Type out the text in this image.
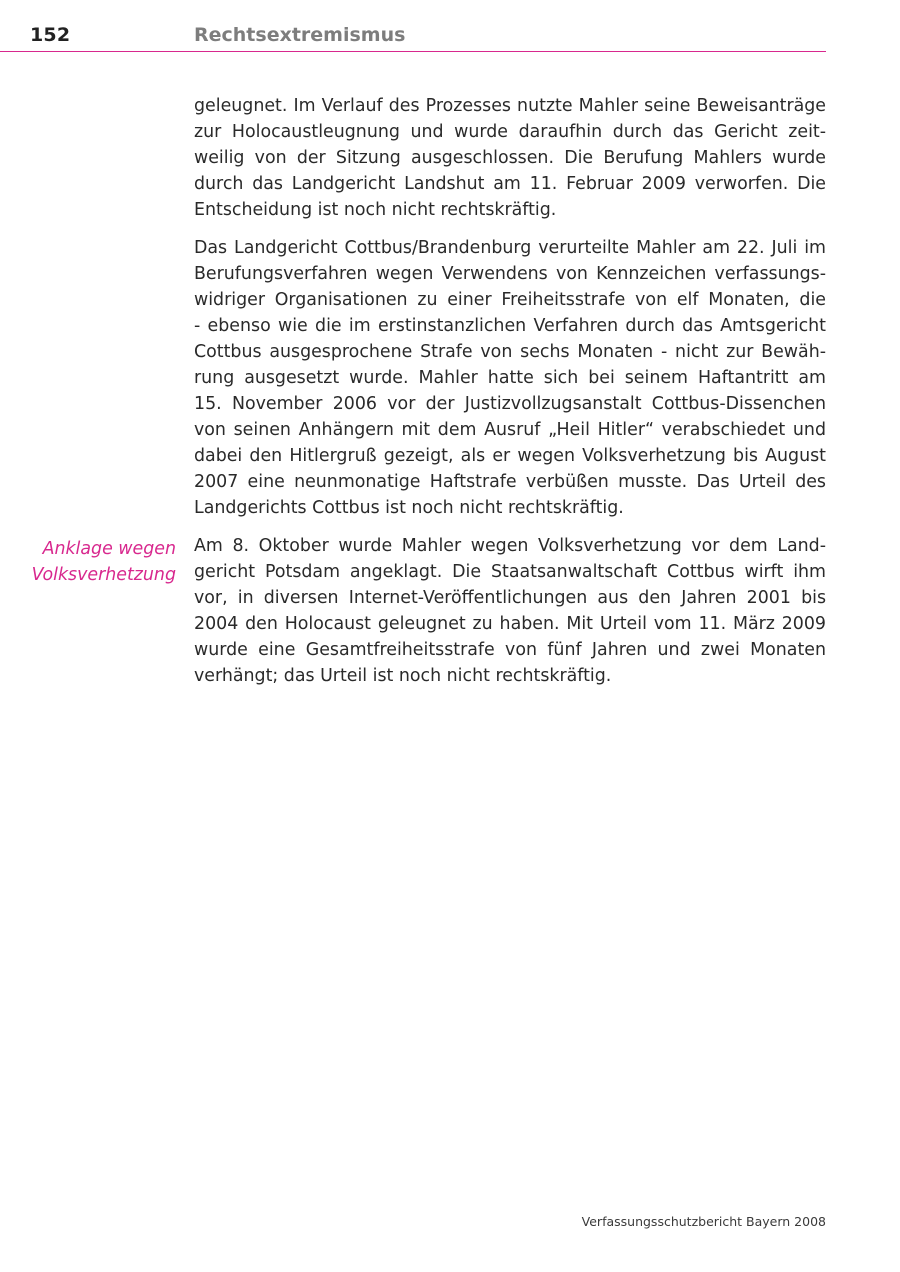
152	Rechtsextremismus
Anklage wegen
Volksverhetzung
geleugnet. Im Verlauf des Prozesses nutzte Mahler seine Beweisanträge
zur Holocaustleugnung und wurde daraufhin durch das Gericht zeit-
weilig von der Sitzung ausgeschlossen. Die Berufung Mahlers wurde
durch das Landgericht Landshut am 11. Februar 2009 verworfen. Die
Entscheidung ist noch nicht rechtskräftig.
Das Landgericht Cottbus/Brandenburg verurteilte Mahler am 22. Juli im
Berufungsverfahren wegen Verwendens von Kennzeichen verfassungs-
widriger Organisationen zu einer Freiheitsstrafe von elf Monaten, die
- ebenso wie die im erstinstanzlichen Verfahren durch das Amtsgericht
Cottbus ausgesprochene Strafe von sechs Monaten - nicht zur Bewäh-
rung ausgesetzt wurde. Mahler hatte sich bei seinem Haftantritt am
15. November 2006 vor der Justizvollzugsanstalt Cottbus-Dissenchen
von seinen Anhängern mit dem Ausruf „Heil Hitler“ verabschiedet und
dabei den Hitlergruß gezeigt, als er wegen Volksverhetzung bis August
2007 eine neunmonatige Haftstrafe verbüßen musste. Das Urteil des
Landgerichts Cottbus ist noch nicht rechtskräftig.
Am 8. Oktober wurde Mahler wegen Volksverhetzung vor dem Land-
gericht Potsdam angeklagt. Die Staatsanwaltschaft Cottbus wirft ihm
vor, in diversen Internet-Veröffentlichungen aus den Jahren 2001 bis
2004 den Holocaust geleugnet zu haben. Mit Urteil vom 11. März 2009
wurde eine Gesamtfreiheitsstrafe von fünf Jahren und zwei Monaten
verhängt; das Urteil ist noch nicht rechtskräftig.
Verfassungsschutzbericht Bayern 2008
